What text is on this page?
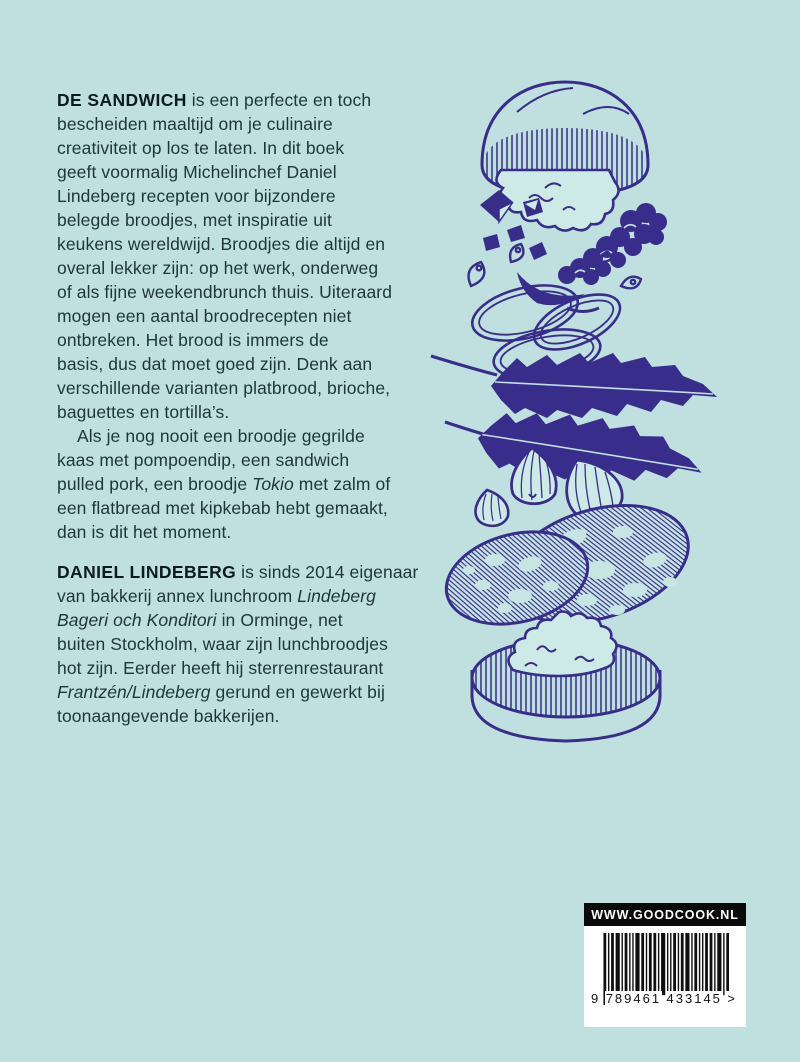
DE SANDWICH is een perfecte en toch
bescheiden maaltijd om je culinaire
creativiteit op los te laten. In dit boek
geeft voormalig Michelinchef Daniel
Lindeberg recepten voor bijzondere
belegde broodjes, met inspiratie uit
keukens wereldwijd. Broodjes die altijd en
overal lekker zijn: op het werk, onderweg
of als fijne weekendbrunch thuis. Uiteraard
mogen een aantal broodrecepten niet
ontbreken. Het brood is immers de
basis, dus dat moet goed zijn. Denk aan
verschillende varianten platbrood, brioche,
baguettes en tortilla’s.
Als je nog nooit een broodje gegrilde
kaas met pompoendip, een sandwich
pulled pork, een broodje Tokio met zalm of
een flatbread met kipkebab hebt gemaakt,
dan is dit het moment.
DANIEL LINDEBERG is sinds 2014 eigenaar
van bakkerij annex lunchroom Lindeberg
Bageri och Konditori in Orminge, net
buiten Stockholm, waar zijn lunchbroodjes
hot zijn. Eerder heeft hij sterrenrestaurant
Frantzén/Lindeberg gerund en gewerkt bij
toonaangevende bakkerijen.
WWW.GOODCOOK.NL
9 789461 433145 >
